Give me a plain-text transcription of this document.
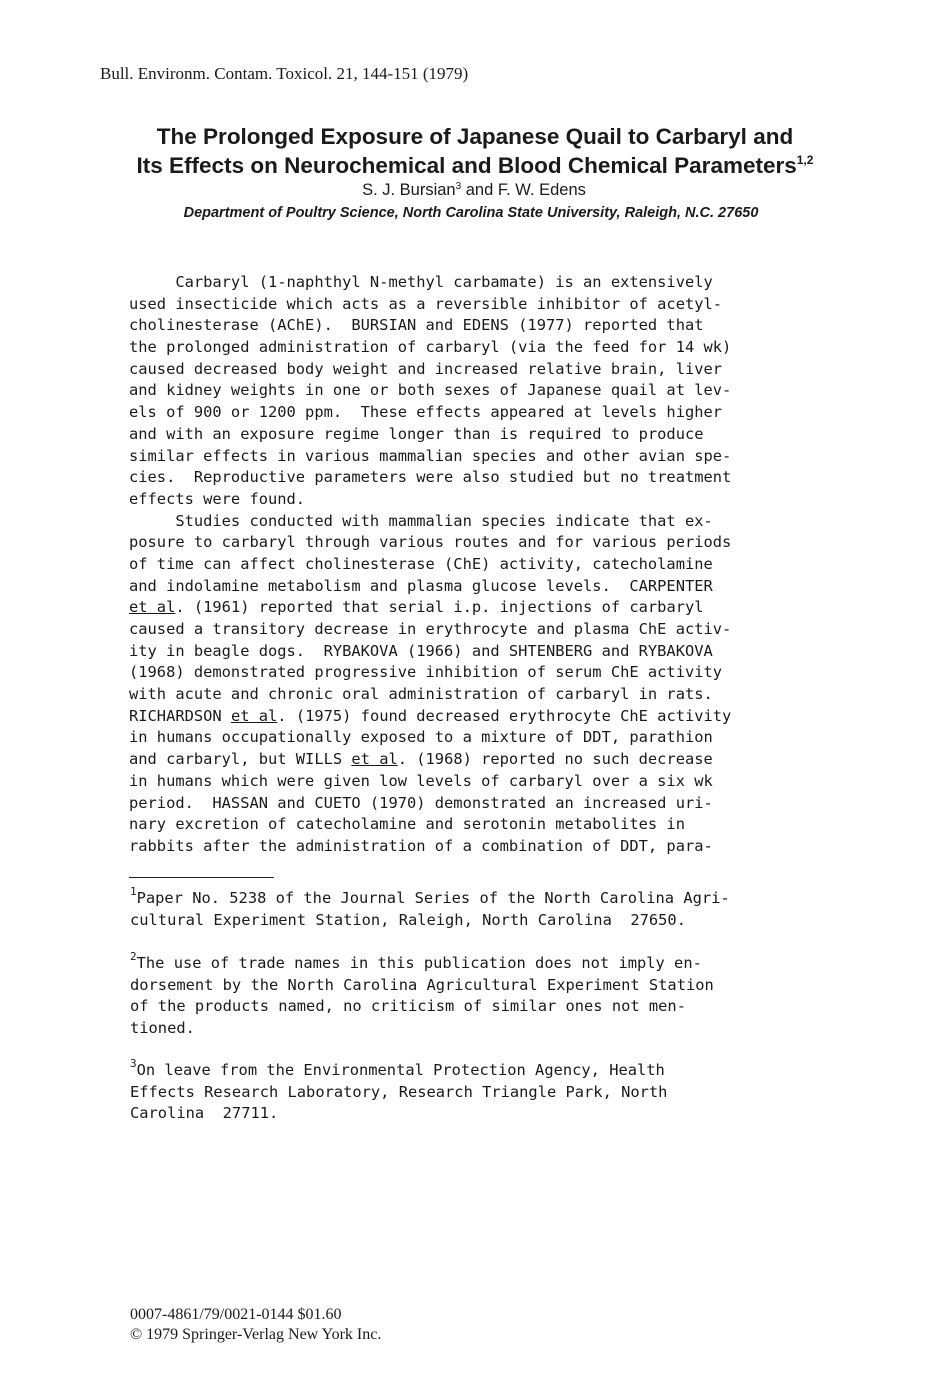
Bull. Environm. Contam. Toxicol. 21, 144-151 (1979)
The Prolonged Exposure of Japanese Quail to Carbaryl and
Its Effects on Neurochemical and Blood Chemical Parameters$^{1,2}$
S. J. Bursian$^3$ and F. W. Edens
Department of Poultry Science, North Carolina State University, Raleigh, N.C. 27650
Carbaryl (1-naphthyl N-methyl carbamate) is an extensively
used insecticide which acts as a reversible inhibitor of acetyl-
cholinesterase (AChE).  BURSIAN and EDENS (1977) reported that
the prolonged administration of carbaryl (via the feed for 14 wk)
caused decreased body weight and increased relative brain, liver
and kidney weights in one or both sexes of Japanese quail at lev-
els of 900 or 1200 ppm.  These effects appeared at levels higher
and with an exposure regime longer than is required to produce
similar effects in various mammalian species and other avian spe-
cies.  Reproductive parameters were also studied but no treatment
effects were found.
Studies conducted with mammalian species indicate that ex-
posure to carbaryl through various routes and for various periods
of time can affect cholinesterase (ChE) activity, catecholamine
and indolamine metabolism and plasma glucose levels.  CARPENTER
et al. (1961) reported that serial i.p. injections of carbaryl
caused a transitory decrease in erythrocyte and plasma ChE activ-
ity in beagle dogs.  RYBAKOVA (1966) and SHTENBERG and RYBAKOVA
(1968) demonstrated progressive inhibition of serum ChE activity
with acute and chronic oral administration of carbaryl in rats.
RICHARDSON et al. (1975) found decreased erythrocyte ChE activity
in humans occupationally exposed to a mixture of DDT, parathion
and carbaryl, but WILLS et al. (1968) reported no such decrease
in humans which were given low levels of carbaryl over a six wk
period.  HASSAN and CUETO (1970) demonstrated an increased uri-
nary excretion of catecholamine and serotonin metabolites in
rabbits after the administration of a combination of DDT, para-
$^1$Paper No. 5238 of the Journal Series of the North Carolina Agri-
cultural Experiment Station, Raleigh, North Carolina  27650.
$^2$The use of trade names in this publication does not imply en-
dorsement by the North Carolina Agricultural Experiment Station
of the products named, no criticism of similar ones not men-
tioned.
$^3$On leave from the Environmental Protection Agency, Health
Effects Research Laboratory, Research Triangle Park, North
Carolina  27711.
0007-4861/79/0021-0144 $01.60
© 1979 Springer-Verlag New York Inc.
